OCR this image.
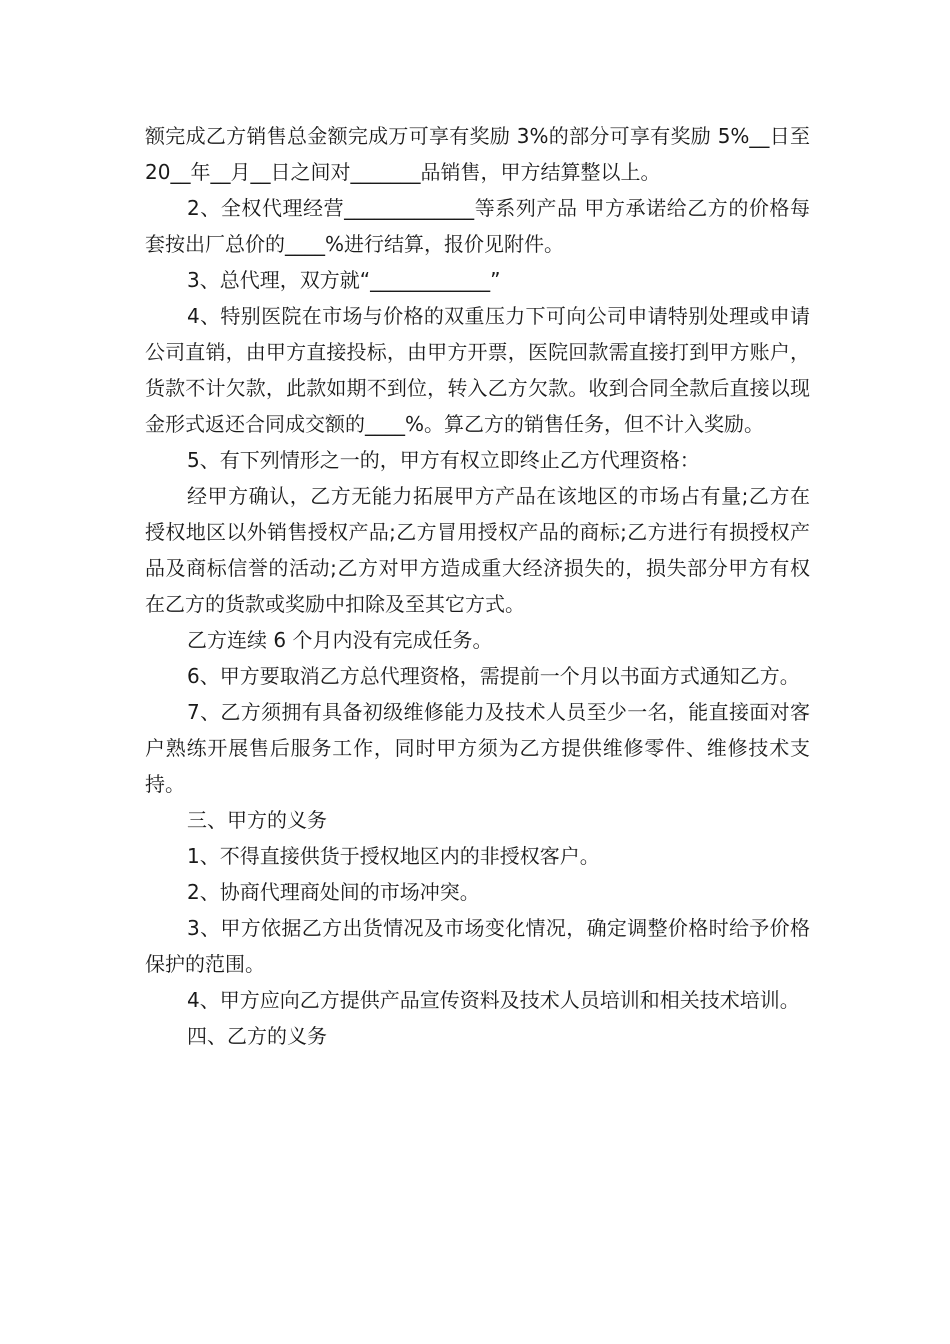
额完成乙方销售总金额完成万可享有奖励 3%的部分可享有奖励 5%__日至 20__年__月__日之间对_______品销售，甲方结算整以上。

2、全权代理经营_____________等系列产品 甲方承诺给乙方的价格每套按出厂总价的____%进行结算，报价见附件。

3、总代理，双方就“____________”

4、特别医院在市场与价格的双重压力下可向公司申请特别处理或申请公司直销，由甲方直接投标，由甲方开票，医院回款需直接打到甲方账户，货款不计欠款，此款如期不到位，转入乙方欠款。收到合同全款后直接以现金形式返还合同成交额的____%。算乙方的销售任务，但不计入奖励。

5、有下列情形之一的，甲方有权立即终止乙方代理资格：

经甲方确认，乙方无能力拓展甲方产品在该地区的市场占有量;乙方在授权地区以外销售授权产品;乙方冒用授权产品的商标;乙方进行有损授权产品及商标信誉的活动;乙方对甲方造成重大经济损失的，损失部分甲方有权在乙方的货款或奖励中扣除及至其它方式。

乙方连续 6 个月内没有完成任务。

6、甲方要取消乙方总代理资格，需提前一个月以书面方式通知乙方。

7、乙方须拥有具备初级维修能力及技术人员至少一名，能直接面对客户熟练开展售后服务工作，同时甲方须为乙方提供维修零件、维修技术支持。

三、甲方的义务

1、不得直接供货于授权地区内的非授权客户。

2、协商代理商处间的市场冲突。

3、甲方依据乙方出货情况及市场变化情况，确定调整价格时给予价格保护的范围。

4、甲方应向乙方提供产品宣传资料及技术人员培训和相关技术培训。

四、乙方的义务
